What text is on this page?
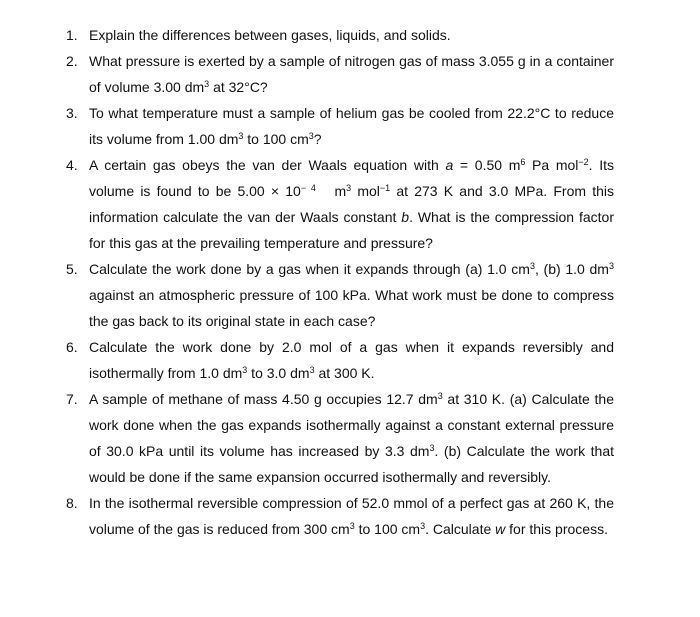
1. Explain the differences between gases, liquids, and solids.
2. What pressure is exerted by a sample of nitrogen gas of mass 3.055 g in a container of volume 3.00 $dm^3$ at 32°C?
3. To what temperature must a sample of helium gas be cooled from 22.2°C to reduce its volume from 1.00 $dm^3$ to 100 $cm^3$?
4. A certain gas obeys the van der Waals equation with a = 0.50 $m^6$ Pa mol$^{-2}$. Its volume is found to be $5.00 \times 10^{- 4}$   $m^3$ mol$^{-1}$ at 273 K and 3.0 MPa. From this information calculate the van der Waals constant b. What is the compression factor for this gas at the prevailing temperature and pressure?
5. Calculate the work done by a gas when it expands through (a) 1.0 $cm^3$, (b) 1.0 $dm^3$ against an atmospheric pressure of 100 kPa. What work must be done to compress the gas back to its original state in each case?
6. Calculate the work done by 2.0 mol of a gas when it expands reversibly and isothermally from 1.0 $dm^3$ to 3.0 $dm^3$ at 300 K.
7. A sample of methane of mass 4.50 g occupies 12.7 $dm^3$ at 310 K. (a) Calculate the work done when the gas expands isothermally against a constant external pressure of 30.0 kPa until its volume has increased by 3.3 $dm^3$. (b) Calculate the work that would be done if the same expansion occurred isothermally and reversibly.
8. In the isothermal reversible compression of 52.0 mmol of a perfect gas at 260 K, the volume of the gas is reduced from 300 $cm^3$ to 100 $cm^3$. Calculate w for this process.
